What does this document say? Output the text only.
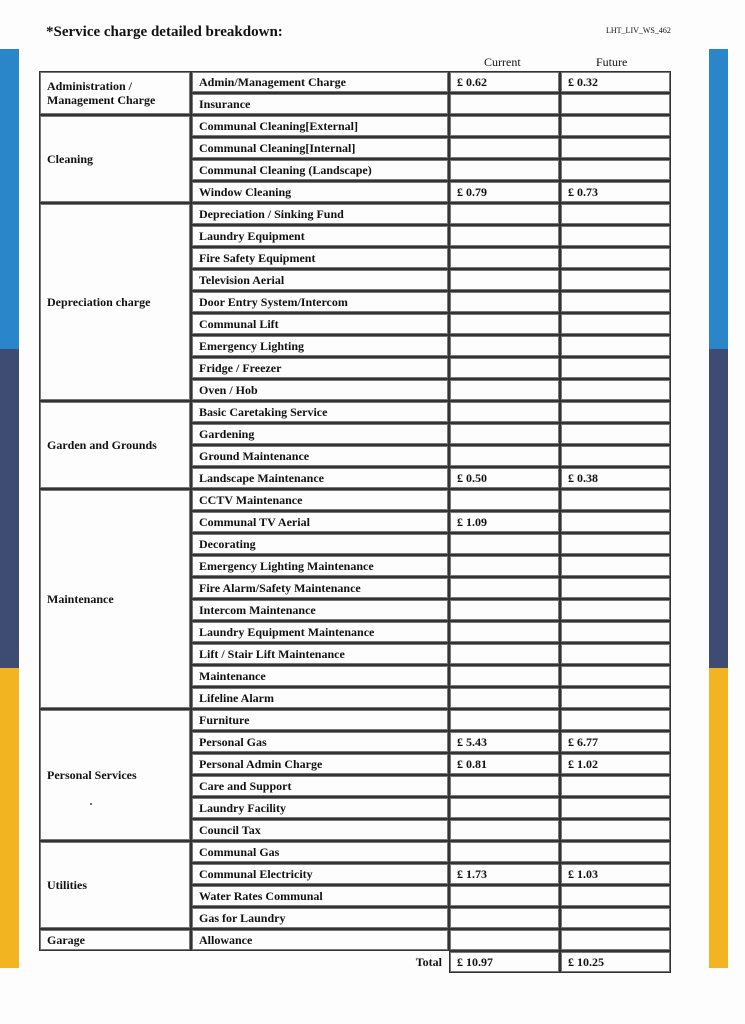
*Service charge detailed breakdown:	LHT_LIV_WS_462
Current	Future
Administration / Management Charge	Admin/Management Charge	£ 0.62	£ 0.32
	Insurance		
Cleaning	Communal Cleaning[External]		
	Communal Cleaning[Internal]		
	Communal Cleaning (Landscape)		
	Window Cleaning	£ 0.79	£ 0.73
Depreciation charge	Depreciation / Sinking Fund		
	Laundry Equipment		
	Fire Safety Equipment		
	Television Aerial		
	Door Entry System/Intercom		
	Communal Lift		
	Emergency Lighting		
	Fridge / Freezer		
	Oven / Hob		
Garden and Grounds	Basic Caretaking Service		
	Gardening		
	Ground Maintenance		
	Landscape Maintenance	£ 0.50	£ 0.38
Maintenance	CCTV Maintenance		
	Communal TV Aerial	£ 1.09	
	Decorating		
	Emergency Lighting Maintenance		
	Fire Alarm/Safety Maintenance		
	Intercom Maintenance		
	Laundry Equipment Maintenance		
	Lift / Stair Lift Maintenance		
	Maintenance		
	Lifeline Alarm		
Personal Services	Furniture		
	Personal Gas	£ 5.43	£ 6.77
	Personal Admin Charge	£ 0.81	£ 1.02
	Care and Support		
	Laundry Facility		
	Council Tax		
Utilities	Communal Gas		
	Communal Electricity	£ 1.73	£ 1.03
	Water Rates Communal		
	Gas for Laundry		
Garage	Allowance		
Total		£ 10.97	£ 10.25
